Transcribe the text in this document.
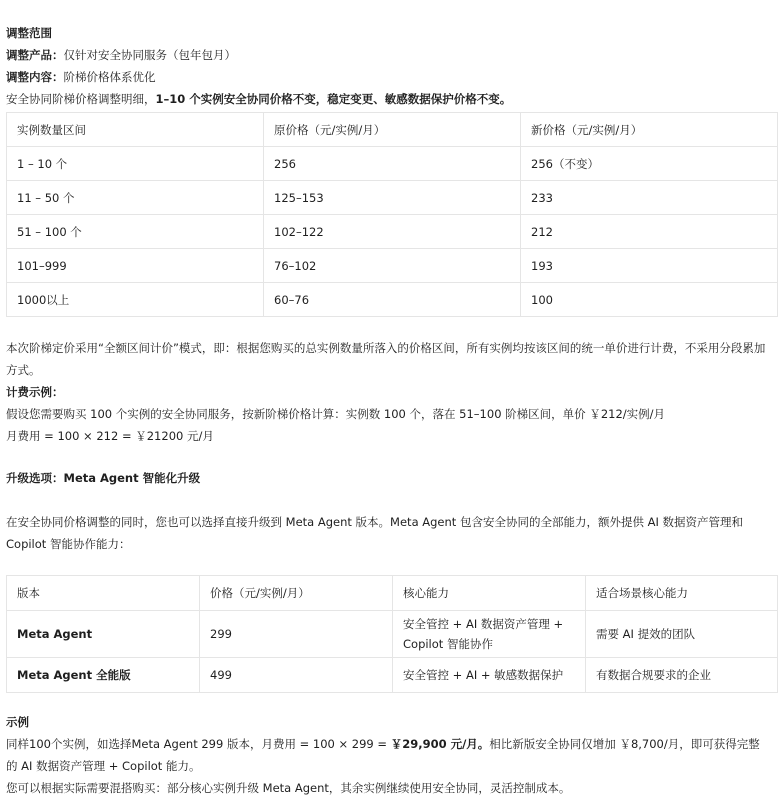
调整范围
调整产品：仅针对安全协同服务（包年包月）
调整内容：阶梯价格体系优化
安全协同阶梯价格调整明细，1–10 个实例安全协同价格不变，稳定变更、敏感数据保护价格不变。
实例数量区间	原价格（元/实例/月）	新价格（元/实例/月）
1 – 10 个	256	256（不变）
11 – 50 个	125–153	233
51 – 100 个	102–122	212
101–999	76–102	193
1000以上	60–76	100
本次阶梯定价采用“全额区间计价”模式，即：根据您购买的总实例数量所落入的价格区间，所有实例均按该区间的统一单价进行计费，不采用分段累加方式。
计费示例：
假设您需要购买 100 个实例的安全协同服务，按新阶梯价格计算：实例数 100 个，落在 51–100 阶梯区间，单价 ￥212/实例/月
月费用 = 100 × 212 = ￥21200 元/月
升级选项：Meta Agent 智能化升级
在安全协同价格调整的同时，您也可以选择直接升级到 Meta Agent 版本。Meta Agent 包含安全协同的全部能力，额外提供 AI 数据资产管理和 Copilot 智能协作能力：
版本	价格（元/实例/月）	核心能力	适合场景核心能力
Meta Agent	299	安全管控 + AI 数据资产管理 + Copilot 智能协作	需要 AI 提效的团队
Meta Agent 全能版	499	安全管控 + AI + 敏感数据保护	有数据合规要求的企业
示例
同样100个实例，如选择Meta Agent 299 版本，月费用 = 100 × 299 = ￥29,900 元/月。相比新版安全协同仅增加 ￥8,700/月，即可获得完整的 AI 数据资产管理 + Copilot 能力。
您可以根据实际需要混搭购买：部分核心实例升级 Meta Agent，其余实例继续使用安全协同，灵活控制成本。
